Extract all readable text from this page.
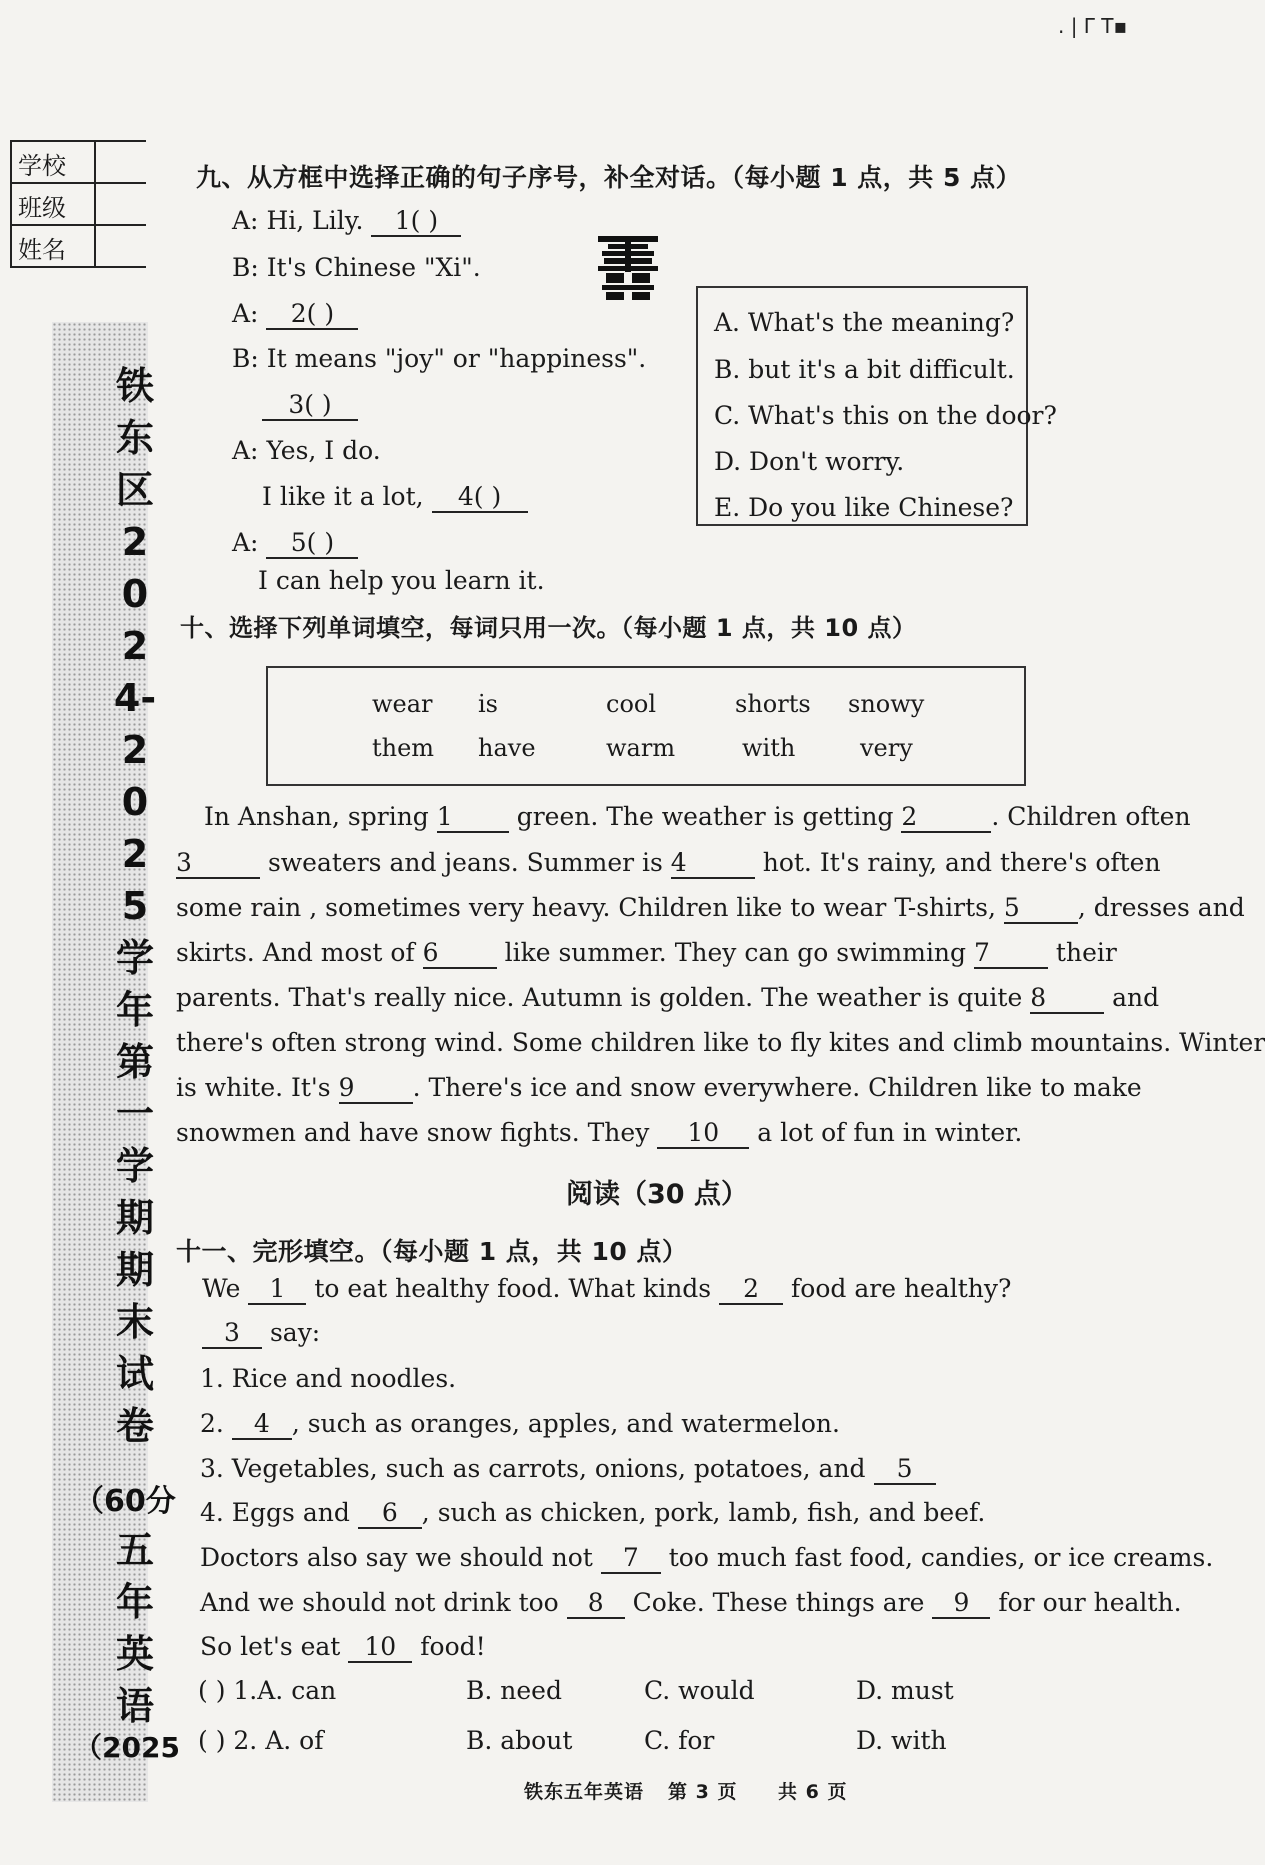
. | Γ T▪
学校
班级
姓名
铁东区2024-2025学年第一学期期末试卷
（60分
五年英语
（2025
九、从方框中选择正确的句子序号，补全对话。（每小题 1 点，共 5 点）
A: Hi, Lily. 1( )
B: It's Chinese "Xi".
A: 2( )
B: It means "joy" or "happiness".
3( )
A: Yes, I do.
I like it a lot, 4( )
A: 5( )
I can help you learn it.
A. What's the meaning?
B. but it's a bit difficult.
C. What's this on the door?
D. Don't worry.
E. Do you like Chinese?
十、选择下列单词填空，每词只用一次。（每小题 1 点，共 10 点）
wear is	cool	shorts snowy
them have	warm	with	very
In Anshan, spring 1 green. The weather is getting 2	. Children often
3	sweaters and jeans. Summer is 4	hot. It's rainy, and there's often
some rain , sometimes very heavy. Children like to wear T-shirts, 5 , dresses and
skirts. And most of 6 like summer. They can go swimming 7 their
parents. That's really nice. Autumn is golden. The weather is quite 8 and
there's often strong wind. Some children like to fly kites and climb mountains. Winter
is white. It's 9 . There's ice and snow everywhere. Children like to make
snowmen and have snow fights. They 10 a lot of fun in winter.
阅读（30 点）
十一、完形填空。（每小题 1 点，共 10 点）
We 1 to eat healthy food. What kinds 2 food are healthy?
3 say:
1. Rice and noodles.
2. 4 , such as oranges, apples, and watermelon.
3. Vegetables, such as carrots, onions, potatoes, and 5
4. Eggs and 6 , such as chicken, pork, lamb, fish, and beef.
Doctors also say we should not 7 too much fast food, candies, or ice creams.
And we should not drink too 8 Coke. These things are 9 for our health.
So let's eat 10 food!
( ) 1.A. can	B. need	C. would	D. must
( ) 2. A. of	B. about	C. for	D. with
铁东五年英语 第 3 页 共 6 页
